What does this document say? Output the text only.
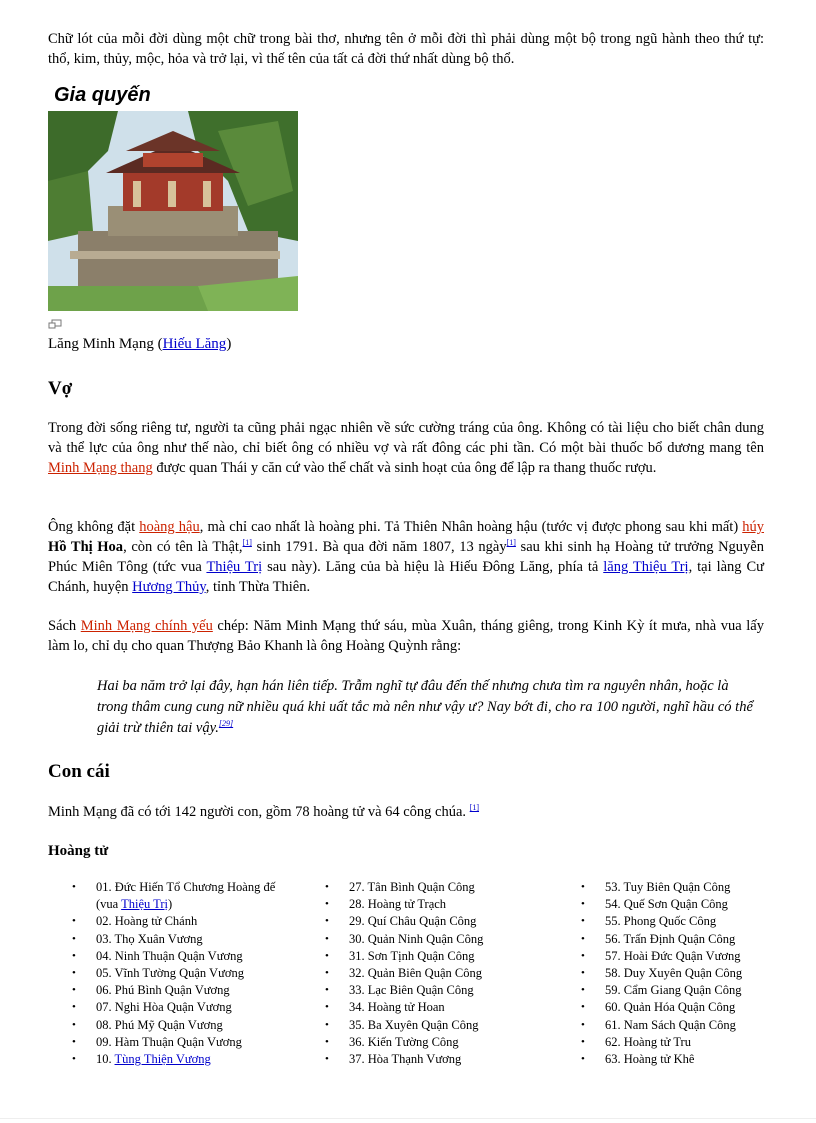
Chữ lót của mỗi đời dùng một chữ trong bài thơ, nhưng tên ở mỗi đời thì phải dùng một bộ trong ngũ hành theo thứ tự: thổ, kim, thủy, mộc, hỏa và trở lại, vì thế tên của tất cả đời thứ nhất dùng bộ thổ.

Gia quyến
Lăng Minh Mạng (Hiếu Lăng)
Vợ

Trong đời sống riêng tư, người ta cũng phải ngạc nhiên về sức cường tráng của ông. Không có tài liệu cho biết chân dung và thể lực của ông như thế nào, chỉ biết ông có nhiều vợ và rất đông các phi tần. Có một bài thuốc bổ dương mang tên Minh Mạng thang được quan Thái y căn cứ vào thể chất và sinh hoạt của ông để lập ra thang thuốc rượu.

Ông không đặt hoàng hậu, mà chỉ cao nhất là hoàng phi. Tả Thiên Nhân hoàng hậu (tước vị được phong sau khi mất) húy Hồ Thị Hoa, còn có tên là Thật,[1] sinh 1791. Bà qua đời năm 1807, 13 ngày[1] sau khi sinh hạ Hoàng tử trưởng Nguyễn Phúc Miên Tông (tức vua Thiệu Trị sau này). Lăng của bà hiệu là Hiếu Đông Lăng, phía tả lăng Thiệu Trị, tại làng Cư Chánh, huyện Hương Thủy, tỉnh Thừa Thiên.

Sách Minh Mạng chính yếu chép: Năm Minh Mạng thứ sáu, mùa Xuân, tháng giêng, trong Kinh Kỳ ít mưa, nhà vua lấy làm lo, chỉ dụ cho quan Thượng Bảo Khanh là ông Hoàng Quỳnh rằng:

Hai ba năm trở lại đây, hạn hán liên tiếp. Trẫm nghĩ tự đâu đến thế nhưng chưa tìm ra nguyên nhân, hoặc là trong thâm cung cung nữ nhiều quá khi uất tắc mà nên như vậy ư? Nay bớt đi, cho ra 100 người, nghĩ hầu có thể giải trừ thiên tai vậy.[29]
Con cái

Minh Mạng đã có tới 142 người con, gồm 78 hoàng tử và 64 công chúa. [1]

Hoàng tử
• 01. Đức Hiến Tổ Chương Hoàng đế
(vua Thiệu Trị)
• 02. Hoàng tử Chánh
• 03. Thọ Xuân Vương
• 04. Ninh Thuận Quận Vương
• 05. Vĩnh Tường Quận Vương
• 06. Phú Bình Quận Vương
• 07. Nghi Hòa Quận Vương
• 08. Phú Mỹ Quận Vương
• 09. Hàm Thuận Quận Vương
• 10. Tùng Thiện Vương
• 27. Tân Bình Quận Công
• 28. Hoàng tử Trạch
• 29. Quí Châu Quận Công
• 30. Quản Ninh Quận Công
• 31. Sơn Tịnh Quận Công
• 32. Quản Biên Quận Công
• 33. Lạc Biên Quận Công
• 34. Hoàng tử Hoan
• 35. Ba Xuyên Quận Công
• 36. Kiến Tường Công
• 37. Hòa Thạnh Vương
• 53. Tuy Biên Quận Công
• 54. Quế Sơn Quận Công
• 55. Phong Quốc Công
• 56. Trấn Định Quận Công
• 57. Hoài Đức Quận Vương
• 58. Duy Xuyên Quận Công
• 59. Cẩm Giang Quận Công
• 60. Quản Hóa Quận Công
• 61. Nam Sách Quận Công
• 62. Hoàng tử Tru
• 63. Hoàng tử Khê
